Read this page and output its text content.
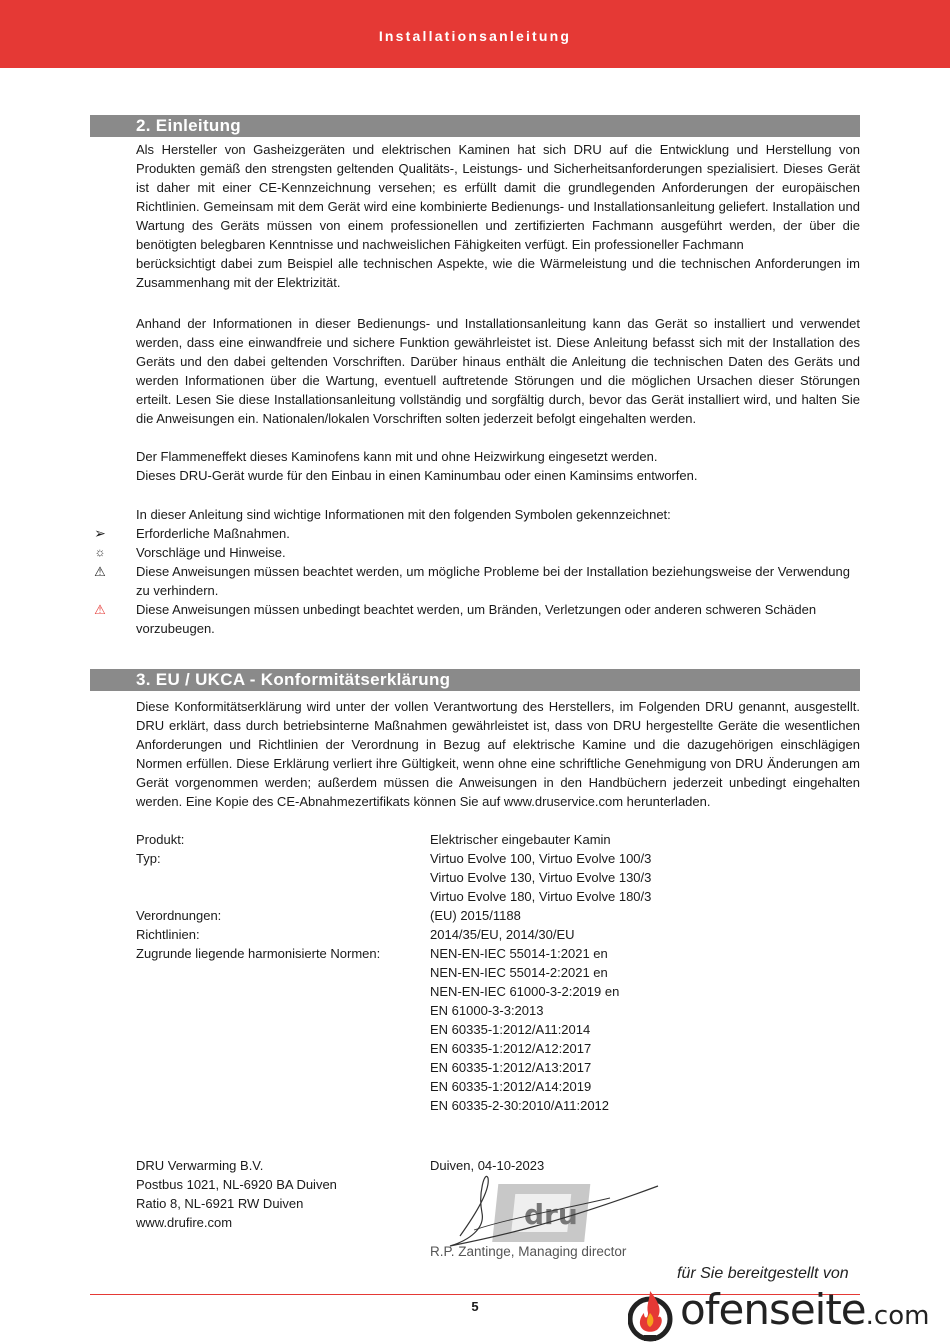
Installationsanleitung
2. Einleitung

Als Hersteller von Gasheizgeräten und elektrischen Kaminen hat sich DRU auf die Entwicklung und Herstellung von Produkten gemäß den strengsten geltenden Qualitäts-, Leistungs- und Sicherheitsanforderungen spezialisiert. Dieses Gerät ist daher mit einer CE-Kennzeichnung versehen; es erfüllt damit die grundlegenden Anforderungen der europäischen Richtlinien. Gemeinsam mit dem Gerät wird eine kombinierte Bedienungs- und Installationsanleitung geliefert. Installation und Wartung des Geräts müssen von einem professionellen und zertifizierten Fachmann ausgeführt werden, der über die benötigten belegbaren Kenntnisse und nachweislichen Fähigkeiten verfügt. Ein professioneller Fachmann

berücksichtigt dabei zum Beispiel alle technischen Aspekte, wie die Wärmeleistung und die technischen Anforderungen im Zusammenhang mit der Elektrizität.

Anhand der Informationen in dieser Bedienungs- und Installationsanleitung kann das Gerät so installiert und verwendet werden, dass eine einwandfreie und sichere Funktion gewährleistet ist. Diese Anleitung befasst sich mit der Installation des Geräts und den dabei geltenden Vorschriften. Darüber hinaus enthält die Anleitung die technischen Daten des Geräts und werden Informationen über die Wartung, eventuell auftretende Störungen und die möglichen Ursachen dieser Störungen erteilt. Lesen Sie diese Installationsanleitung vollständig und sorgfältig durch, bevor das Gerät installiert wird, und halten Sie die Anweisungen ein. Nationalen/lokalen Vorschriften solten jederzeit befolgt eingehalten werden.

Der Flammeneffekt dieses Kaminofens kann mit und ohne Heizwirkung eingesetzt werden.

Dieses DRU-Gerät wurde für den Einbau in einen Kaminumbau oder einen Kaminsims entworfen.

In dieser Anleitung sind wichtige Informationen mit den folgenden Symbolen gekennzeichnet:
➢	Erforderliche Maßnahmen.
☼	Vorschläge und Hinweise.
⚠	Diese Anweisungen müssen beachtet werden, um mögliche Probleme bei der Installation beziehungsweise der Verwendung zu verhindern.
⚠	Diese Anweisungen müssen unbedingt beachtet werden, um Bränden, Verletzungen oder anderen schweren Schäden vorzubeugen.
3. EU / UKCA - Konformitätserklärung

Diese Konformitätserklärung wird unter der vollen Verantwortung des Herstellers, im Folgenden DRU genannt, ausgestellt. DRU erklärt, dass durch betriebsinterne Maßnahmen gewährleistet ist, dass von DRU hergestellte Geräte die wesentlichen Anforderungen und Richtlinien der Verordnung in Bezug auf elektrische Kamine und die dazugehörigen einschlägigen Normen erfüllen. Diese Erklärung verliert ihre Gültigkeit, wenn ohne eine schriftliche Genehmigung von DRU Änderungen am Gerät vorgenommen werden; außerdem müssen die Anweisungen in den Handbüchern jederzeit unbedingt eingehalten werden. Eine Kopie des CE-Abnahmezertifikats können Sie auf www.druservice.com herunterladen.

Produkt:	Elektrischer eingebauter Kamin
Typ:	Virtuo Evolve 100, Virtuo Evolve 100/3
Virtuo Evolve 130, Virtuo Evolve 130/3
Virtuo Evolve 180, Virtuo Evolve 180/3
Verordnungen:	(EU) 2015/1188
Richtlinien:	2014/35/EU, 2014/30/EU
Zugrunde liegende harmonisierte Normen:	NEN-EN-IEC 55014-1:2021 en
NEN-EN-IEC 55014-2:2021 en
NEN-EN-IEC 61000-3-2:2019 en
EN 61000-3-3:2013
EN 60335-1:2012/A11:2014
EN 60335-1:2012/A12:2017
EN 60335-1:2012/A13:2017
EN 60335-1:2012/A14:2019
EN 60335-2-30:2010/A11:2012
DRU Verwarming B.V.
Postbus 1021, NL-6920 BA Duiven
Ratio 8, NL-6921 RW Duiven
www.drufire.com
Duiven, 04-10-2023
dru
R.P. Zantinge, Managing director
für Sie bereitgestellt von
5	ofenseite.com
